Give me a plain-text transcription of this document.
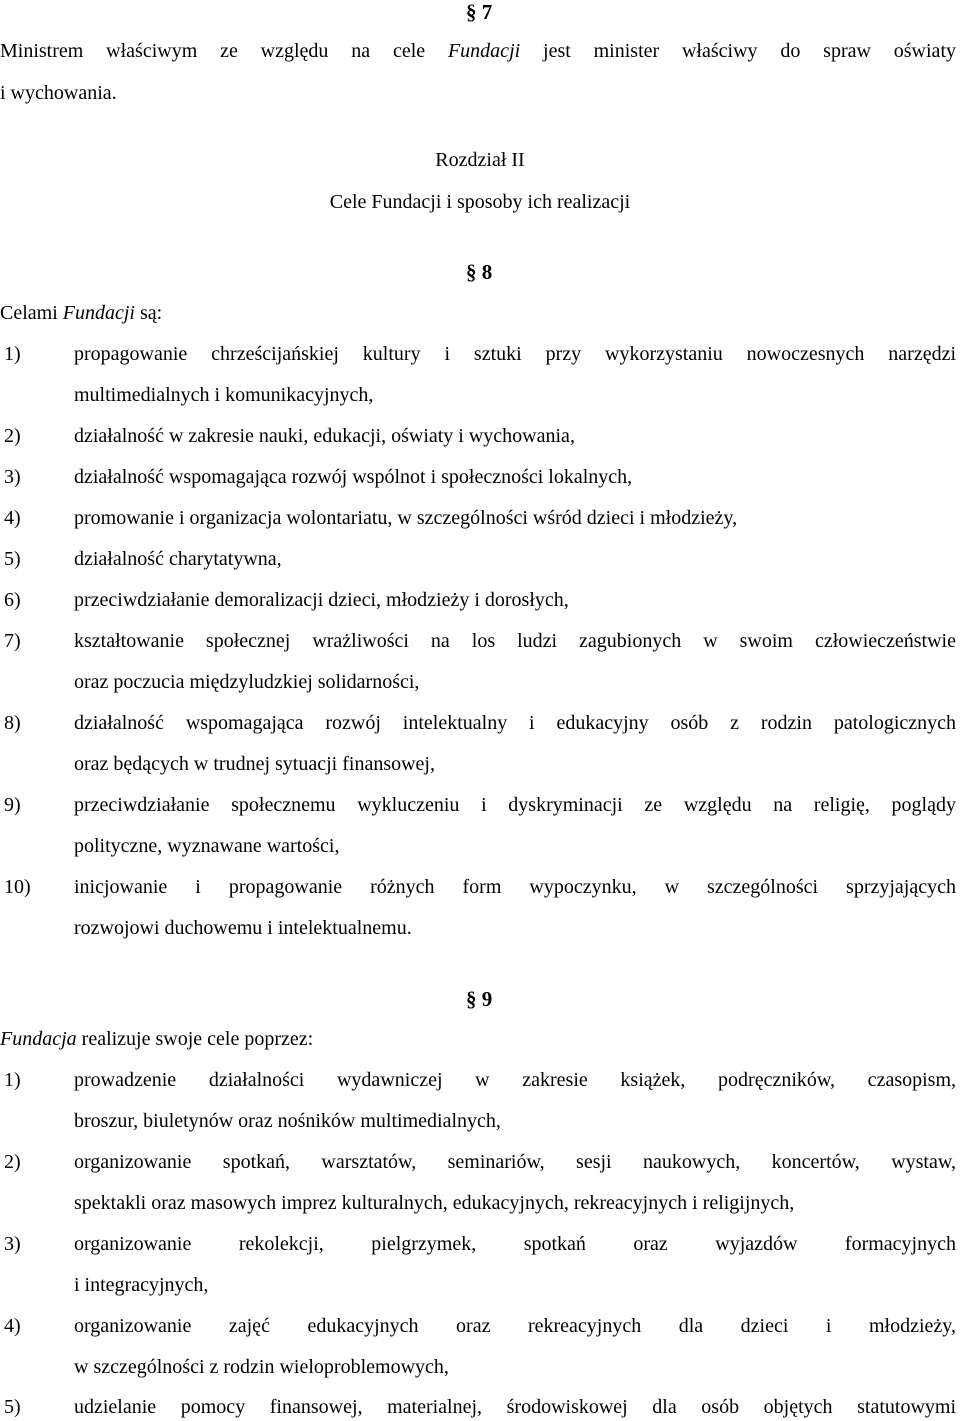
§ 7
Ministrem właściwym ze względu na cele Fundacji jest minister właściwy do spraw oświaty
i wychowania.
Rozdział II
Cele Fundacji i sposoby ich realizacji
§ 8
Celami Fundacji są:
1)	propagowanie chrześcijańskiej kultury i sztuki przy wykorzystaniu nowoczesnych narzędzi
multimedialnych i komunikacyjnych,
2)	działalność w zakresie nauki, edukacji, oświaty i wychowania,
3)	działalność wspomagająca rozwój wspólnot i społeczności lokalnych,
4)	promowanie i organizacja wolontariatu, w szczególności wśród dzieci i młodzieży,
5)	działalność charytatywna,
6)	przeciwdziałanie demoralizacji dzieci, młodzieży i dorosłych,
7)	kształtowanie społecznej wrażliwości na los ludzi zagubionych w swoim człowieczeństwie
oraz poczucia międzyludzkiej solidarności,
8)	działalność wspomagająca rozwój intelektualny i edukacyjny osób z rodzin patologicznych
oraz będących w trudnej sytuacji finansowej,
9)	przeciwdziałanie społecznemu wykluczeniu i dyskryminacji ze względu na religię, poglądy
polityczne, wyznawane wartości,
10) inicjowanie i propagowanie różnych form wypoczynku, w szczególności sprzyjających
rozwojowi duchowemu i intelektualnemu.
§ 9
Fundacja realizuje swoje cele poprzez:
1)	prowadzenie działalności wydawniczej w zakresie książek, podręczników, czasopism,
broszur, biuletynów oraz nośników multimedialnych,
2)	organizowanie spotkań, warsztatów, seminariów, sesji naukowych, koncertów, wystaw,
spektakli oraz masowych imprez kulturalnych, edukacyjnych, rekreacyjnych i religijnych,
3)	organizowanie rekolekcji, pielgrzymek, spotkań oraz wyjazdów formacyjnych
i integracyjnych,
4)	organizowanie zajęć edukacyjnych oraz rekreacyjnych dla dzieci i młodzieży,
w szczególności z rodzin wieloproblemowych,
5)	udzielanie pomocy finansowej, materialnej, środowiskowej dla osób objętych statutowymi
